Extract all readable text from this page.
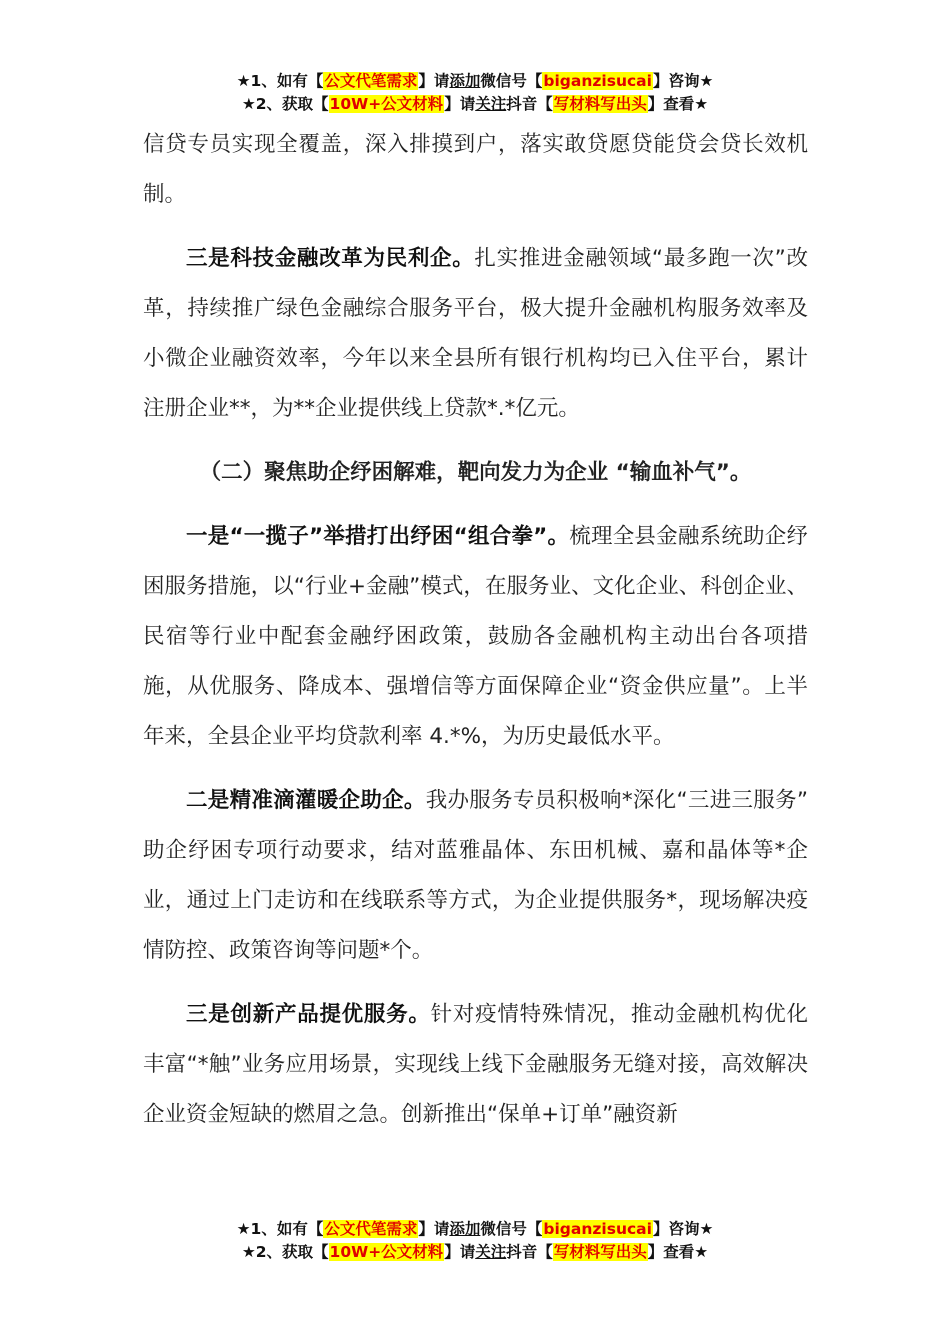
★1、如有【公文代笔需求】请添加微信号【biganzisucai】咨询★
★2、获取【10W+公文材料】请关注抖音【写材料写出头】查看★

信贷专员实现全覆盖，深入排摸到户，落实敢贷愿贷能贷会贷长效机制。

三是科技金融改革为民利企。扎实推进金融领域“最多跑一次”改革，持续推广绿色金融综合服务平台，极大提升金融机构服务效率及小微企业融资效率，今年以来全县所有银行机构均已入住平台，累计注册企业**，为**企业提供线上贷款*.*亿元。

（二）聚焦助企纾困解难，靶向发力为企业 “输血补气”。

一是“一揽子”举措打出纾困“组合拳”。梳理全县金融系统助企纾困服务措施，以“行业+金融”模式，在服务业、文化企业、科创企业、民宿等行业中配套金融纾困政策，鼓励各金融机构主动出台各项措施，从优服务、降成本、强增信等方面保障企业“资金供应量”。上半年来，全县企业平均贷款利率 4.*%，为历史最低水平。

二是精准滴灌暖企助企。我办服务专员积极响*深化“三进三服务” 助企纾困专项行动要求，结对蓝雅晶体、东田机械、嘉和晶体等*企业，通过上门走访和在线联系等方式，为企业提供服务*，现场解决疫情防控、政策咨询等问题*个。

三是创新产品提优服务。针对疫情特殊情况，推动金融机构优化丰富“*触”业务应用场景，实现线上线下金融服务无缝对接，高效解决企业资金短缺的燃眉之急。创新推出“保单+订单”融资新

★1、如有【公文代笔需求】请添加微信号【biganzisucai】咨询★
★2、获取【10W+公文材料】请关注抖音【写材料写出头】查看★
